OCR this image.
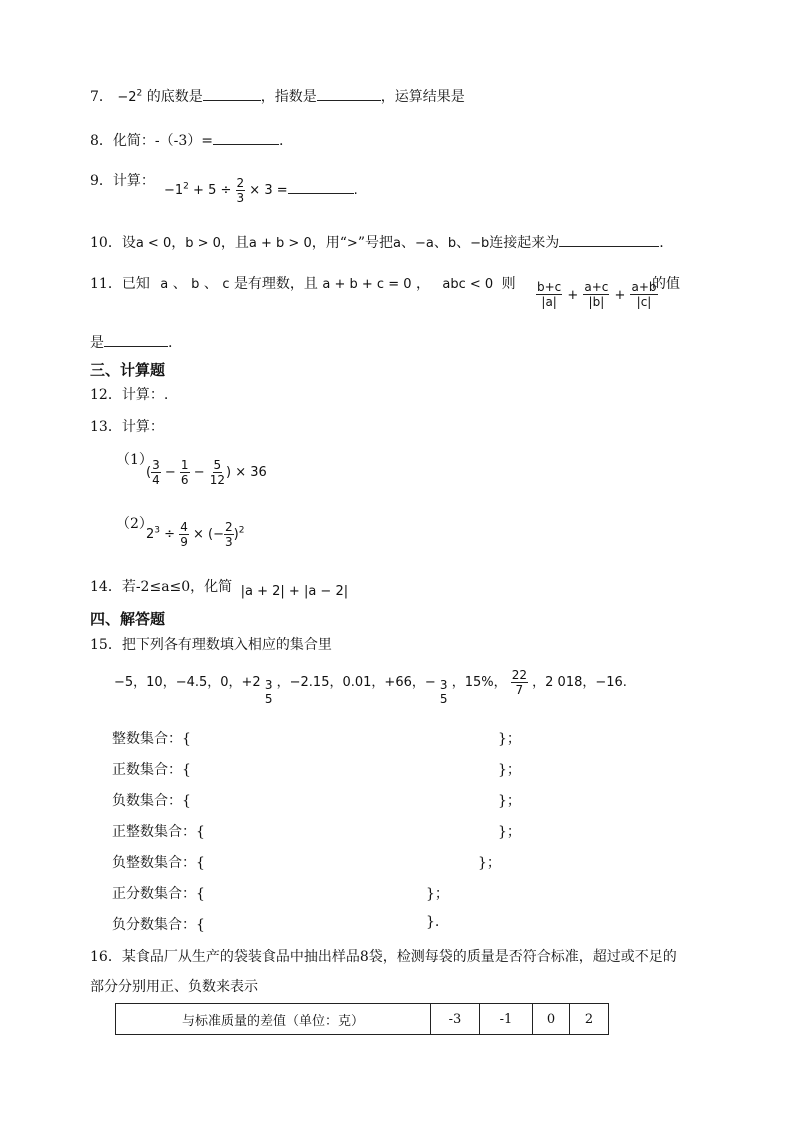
7． $-2^2$ 的底数是	，指数是	，运算结果是
8．化简：-（-3）=	.
9．计算：
$-1^2 + 5 \div \frac{2}{3} \times 3$ =	.
10．设a < 0，b > 0，且a + b > 0，用“>”号把a、−a、b、−b连接起来为	.
11．已知 a 、 b 、 c 是有理数，且 a + b + c = 0 ， abc < 0 则 $\frac{b+c}{|a|} + \frac{a+c}{|b|} + \frac{a+b}{|c|}$
的值
是	.
三、计算题
12．计算：.
13．计算：
（1）
( $\frac{3}{4} - \frac{1}{6} - \frac{5}{12}$ ) × 36
（2）
$2^3 \div \frac{4}{9}$ × (− $\frac{2}{3} )^2$
14．若-2≤a≤0，化简 |a + 2| + |a − 2|
四、解答题
15．把下列各有理数填入相应的集合里
−5，10，−4.5，0，+2 3
5
，−2.15，0.01，+66，− 3
5
，15%， $\frac{22}{7}$ ，2 018，−16.
整数集合：{	}；
正数集合：{	}；
负数集合：{	}；
正整数集合：{	}；
负整数集合：{	}；
正分数集合：{	}；
负分数集合：{	}.
16．某食品厂从生产的袋装食品中抽出样品8袋，检测每袋的质量是否符合标准，超过或不足的
部分分别用正、负数来表示
与标准质量的差值（单位：克）	-3	-1	0	2
